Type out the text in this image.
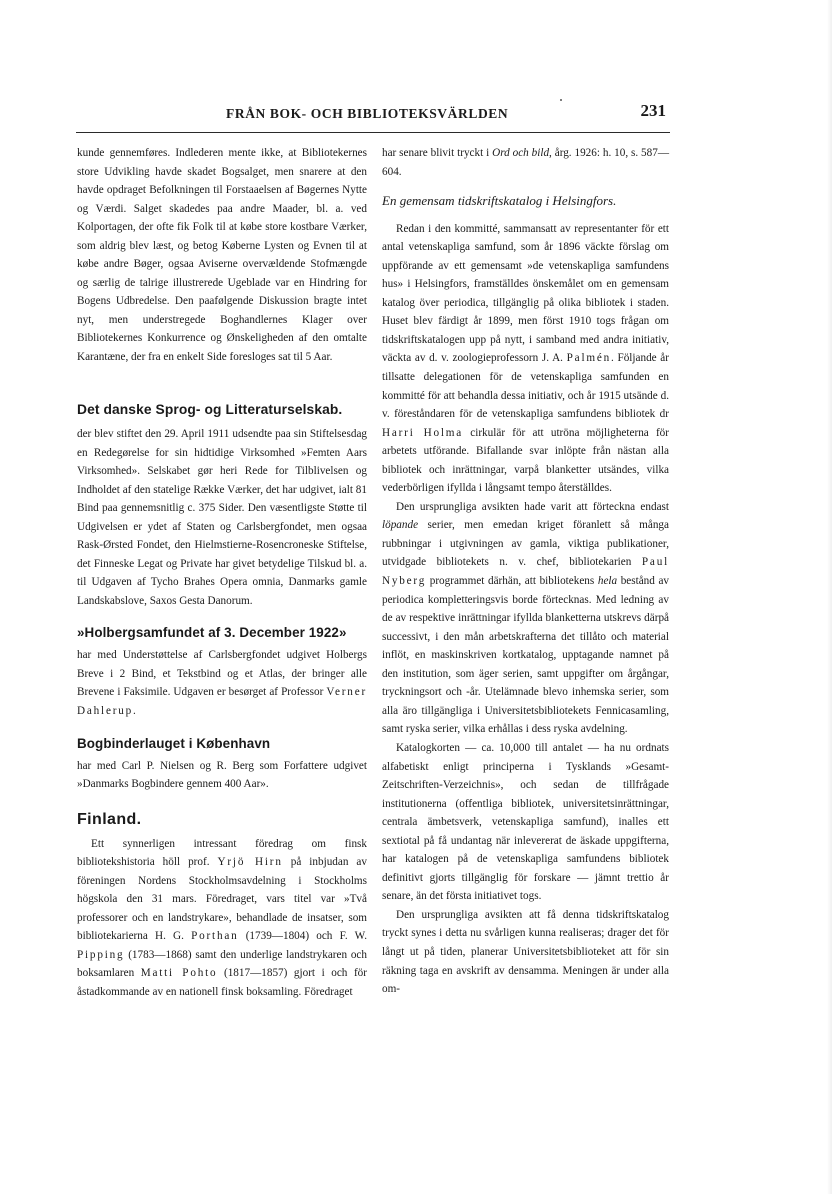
FRÅN BOK- OCH BIBLIOTEKSVÄRLDEN	231

kunde gennemføres. Indlederen mente ikke, at Bibliotekernes store Udvikling havde skadet Bogsalget, men snarere at den havde opdraget Befolkningen til Forstaaelsen af Bøgernes Nytte og Værdi. Salget skadedes paa andre Maader, bl. a. ved Kolportagen, der ofte fik Folk til at købe store kostbare Værker, som aldrig blev læst, og betog Køberne Lysten og Evnen til at købe andre Bøger, ogsaa Aviserne overvældende Stofmængde og særlig de talrige illustrerede Ugeblade var en Hindring for Bogens Udbredelse. Den paafølgende Diskussion bragte intet nyt, men understregede Boghandlernes Klager over Bibliotekernes Konkurrence og Ønskeligheden af den omtalte Karantæne, der fra en enkelt Side foresloges sat til 5 Aar.

Det danske Sprog- og Litteraturselskab.

der blev stiftet den 29. April 1911 udsendte paa sin Stiftelsesdag en Redegørelse for sin hidtidige Virksomhed »Femten Aars Virksomhed». Selskabet gør heri Rede for Tilblivelsen og Indholdet af den statelige Række Værker, det har udgivet, ialt 81 Bind paa gennemsnitlig c. 375 Sider. Den væsentligste Støtte til Udgivelsen er ydet af Staten og Carlsbergfondet, men ogsaa Rask-Ørsted Fondet, den Hielmstierne-Rosencroneske Stiftelse, det Finneske Legat og Private har givet betydelige Tilskud bl. a. til Udgaven af Tycho Brahes Opera omnia, Danmarks gamle Landskabslove, Saxos Gesta Danorum.

»Holbergsamfundet af 3. December 1922»

har med Understøttelse af Carlsbergfondet udgivet Holbergs Breve i 2 Bind, et Tekstbind og et Atlas, der bringer alle Brevene i Faksimile. Udgaven er besørget af Professor Verner Dahlerup.

Bogbinderlauget i København

har med Carl P. Nielsen og R. Berg som Forfattere udgivet »Danmarks Bogbindere gennem 400 Aar».

Finland.

Ett synnerligen intressant föredrag om finsk bibliotekshistoria höll prof. Yrjö Hirn på inbjudan av föreningen Nordens Stockholmsavdelning i Stockholms högskola den 31 mars. Föredraget, vars titel var »Två professorer och en landstrykare», behandlade de insatser, som bibliotekarierna H. G. Porthan (1739—1804) och F. W. Pipping (1783—1868) samt den underlige landstrykaren och boksamlaren Matti Pohto (1817—1857) gjort i och för åstadkommande av en nationell finsk boksamling. Föredraget

har senare blivit tryckt i Ord och bild, årg. 1926: h. 10, s. 587—604.

En gemensam tidskriftskatalog i Helsingfors.

Redan i den kommitté, sammansatt av representanter för ett antal vetenskapliga samfund, som år 1896 väckte förslag om uppförande av ett gemensamt »de vetenskapliga samfundens hus» i Helsingfors, framställdes önskemålet om en gemensam katalog över periodica, tillgänglig på olika bibliotek i staden. Huset blev färdigt år 1899, men först 1910 togs frågan om tidskriftskatalogen upp på nytt, i samband med andra initiativ, väckta av d. v. zoologieprofessorn J. A. Palmén. Följande år tillsatte delegationen för de vetenskapliga samfunden en kommitté för att behandla dessa initiativ, och år 1915 utsände d. v. föreståndaren för de vetenskapliga samfundens bibliotek dr Harri Holma cirkulär för att utröna möjligheterna för arbetets utförande. Bifallande svar inlöpte från nästan alla bibliotek och inrättningar, varpå blanketter utsändes, vilka vederbörligen ifyllda i långsamt tempo återställdes.

Den ursprungliga avsikten hade varit att förteckna endast löpande serier, men emedan kriget föranlett så många rubbningar i utgivningen av gamla, viktiga publikationer, utvidgade bibliotekets n. v. chef, bibliotekarien Paul Nyberg programmet därhän, att bibliotekens hela bestånd av periodica kompletteringsvis borde förtecknas. Med ledning av de av respektive inrättningar ifyllda blanketterna utskrevs därpå successivt, i den mån arbetskrafterna det tillåto och material inflöt, en maskinskriven kortkatalog, upptagande namnet på den institution, som äger serien, samt uppgifter om årgångar, tryckningsort och -år. Utelämnade blevo inhemska serier, som alla äro tillgängliga i Universitetsbibliotekets Fennicasamling, samt ryska serier, vilka erhållas i dess ryska avdelning.

Katalogkorten — ca. 10,000 till antalet — ha nu ordnats alfabetiskt enligt principerna i Tysklands »Gesamt-Zeitschriften-Verzeichnis», och sedan de tillfrågade institutionerna (offentliga bibliotek, universitetsinrättningar, centrala ämbetsverk, vetenskapliga samfund), inalles ett sextiotal på få undantag när inlevererat de äskade uppgifterna, har katalogen på de vetenskapliga samfundens bibliotek definitivt gjorts tillgänglig för forskare — jämnt trettio år senare, än det första initiativet togs.

Den ursprungliga avsikten att få denna tidskriftskatalog tryckt synes i detta nu svårligen kunna realiseras; drager det för långt ut på tiden, planerar Universitetsbiblioteket att för sin räkning taga en avskrift av densamma. Meningen är under alla om-
